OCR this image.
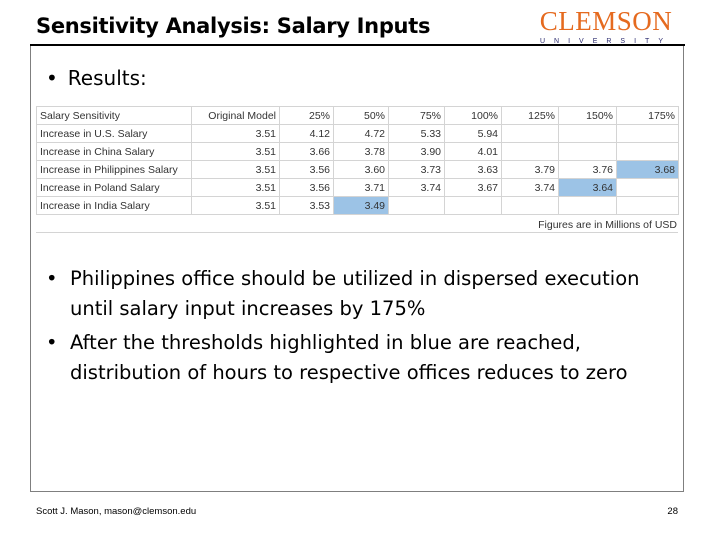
Sensitivity Analysis: Salary Inputs	CLEMSON
UNIVERSITY
• Results:
Salary Sensitivity	Original Model	25%	50%	75%	100%	125%	150%	175%
Increase in U.S. Salary	3.51	4.12	4.72	5.33	5.94			
Increase in China Salary	3.51	3.66	3.78	3.90	4.01			
Increase in Philippines Salary	3.51	3.56	3.60	3.73	3.63	3.79	3.76	3.68
Increase in Poland Salary	3.51	3.56	3.71	3.74	3.67	3.74	3.64	
Increase in India Salary	3.51	3.53	3.49					
Figures are in Millions of USD
• Philippines office should be utilized in dispersed execution until salary input increases by 175%
• After the thresholds highlighted in blue are reached, distribution of hours to respective offices reduces to zero
Scott J. Mason, mason@clemson.edu	28
